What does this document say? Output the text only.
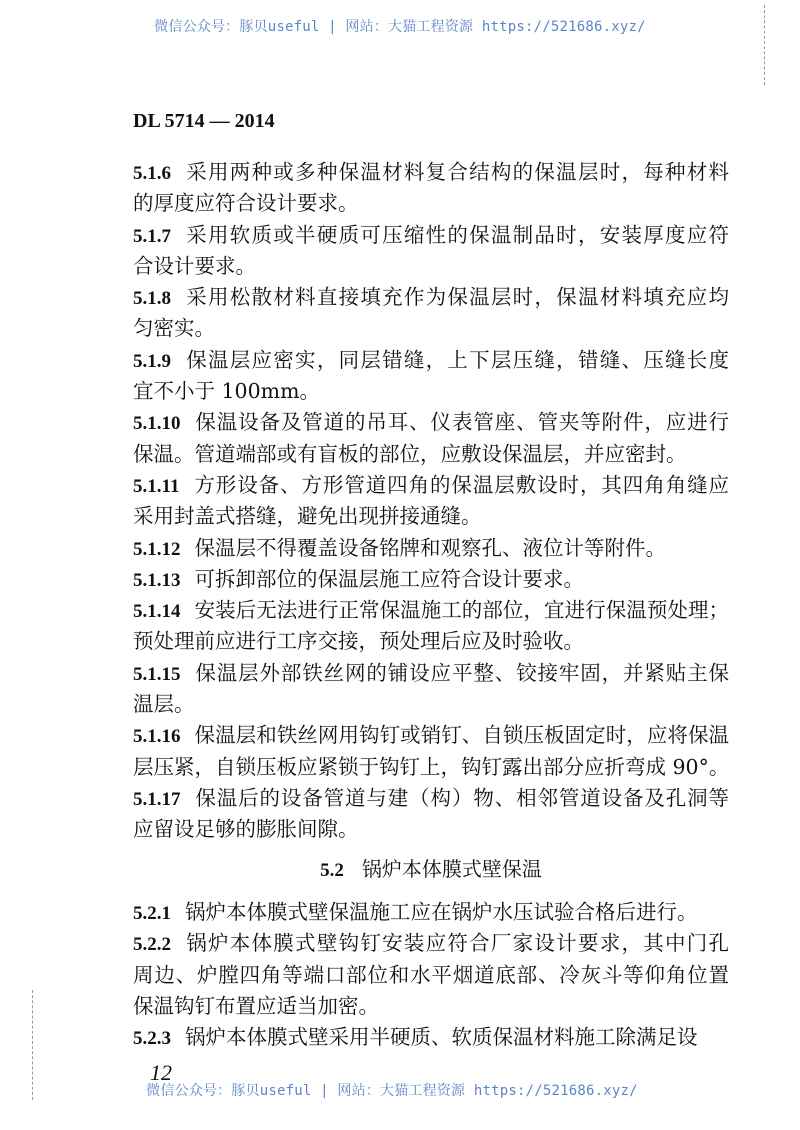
微信公众号：豚贝useful | 网站：大猫工程资源 https://521686.xyz/
DL 5714 — 2014
5.1.6 采用两种或多种保温材料复合结构的保温层时，每种材料
的厚度应符合设计要求。
5.1.7 采用软质或半硬质可压缩性的保温制品时，安装厚度应符
合设计要求。
5.1.8 采用松散材料直接填充作为保温层时，保温材料填充应均
匀密实。
5.1.9 保温层应密实，同层错缝，上下层压缝，错缝、压缝长度
宜不小于 100mm。
5.1.10 保温设备及管道的吊耳、仪表管座、管夹等附件，应进行
保温。管道端部或有盲板的部位，应敷设保温层，并应密封。
5.1.11 方形设备、方形管道四角的保温层敷设时，其四角角缝应
采用封盖式搭缝，避免出现拼接通缝。
5.1.12 保温层不得覆盖设备铭牌和观察孔、液位计等附件。
5.1.13 可拆卸部位的保温层施工应符合设计要求。
5.1.14 安装后无法进行正常保温施工的部位，宜进行保温预处理；
预处理前应进行工序交接，预处理后应及时验收。
5.1.15 保温层外部铁丝网的铺设应平整、铰接牢固，并紧贴主保
温层。
5.1.16 保温层和铁丝网用钩钉或销钉、自锁压板固定时，应将保温
层压紧，自锁压板应紧锁于钩钉上，钩钉露出部分应折弯成 90°。
5.1.17 保温后的设备管道与建（构）物、相邻管道设备及孔洞等
应留设足够的膨胀间隙。
5.2 锅炉本体膜式壁保温
5.2.1 锅炉本体膜式壁保温施工应在锅炉水压试验合格后进行。
5.2.2 锅炉本体膜式壁钩钉安装应符合厂家设计要求，其中门孔
周边、炉膛四角等端口部位和水平烟道底部、冷灰斗等仰角位置
保温钩钉布置应适当加密。
5.2.3 锅炉本体膜式壁采用半硬质、软质保温材料施工除满足设
12
微信公众号：豚贝useful | 网站：大猫工程资源 https://521686.xyz/
